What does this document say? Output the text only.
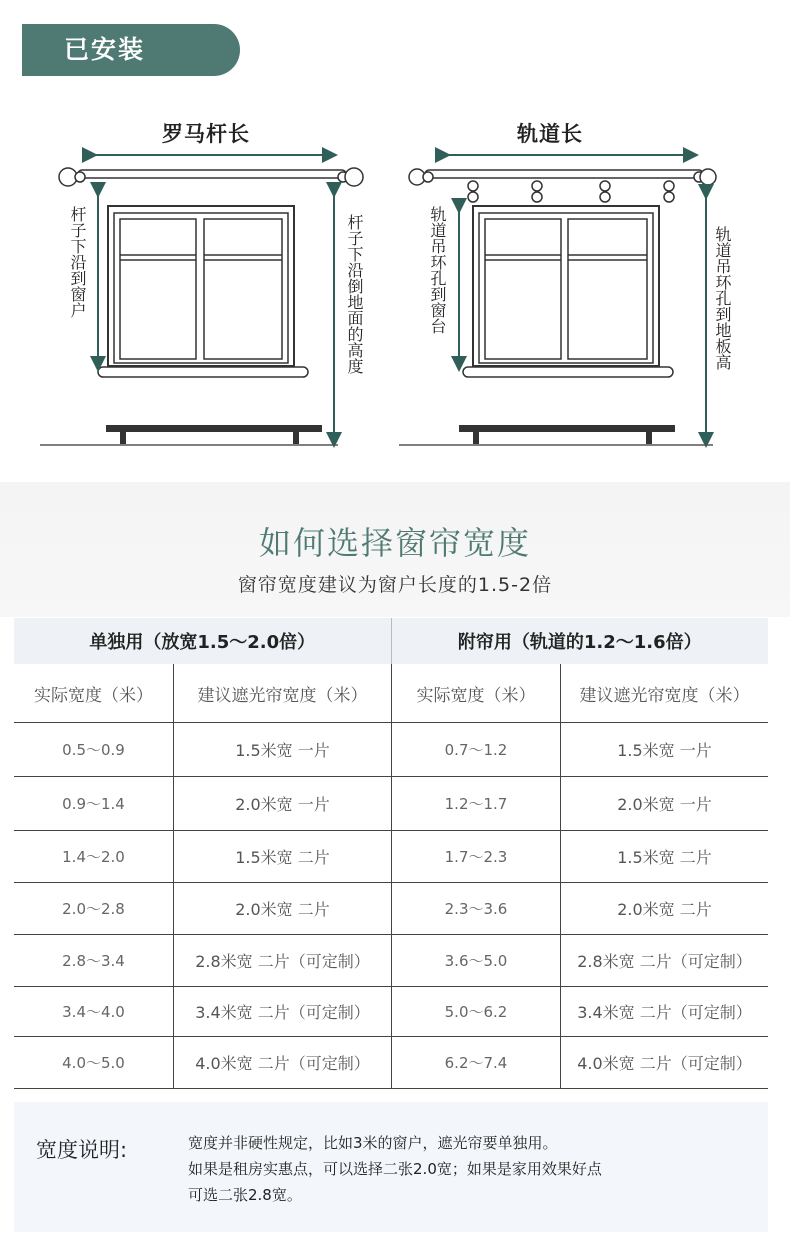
已安装
罗马杆长
杆子下沿到窗户	杆子下沿倒地面的高度
轨道长
轨道吊环孔到窗台	轨道吊环孔到地板高
如何选择窗帘宽度
窗帘宽度建议为窗户长度的1.5-2倍
单独用（放宽1.5～2.0倍）	附帘用（轨道的1.2～1.6倍）
实际宽度（米）	建议遮光帘宽度（米）	实际宽度（米）	建议遮光帘宽度（米）
0.5～0.9	1.5米宽 一片	0.7～1.2	1.5米宽 一片
0.9～1.4	2.0米宽 一片	1.2～1.7	2.0米宽 一片
1.4～2.0	1.5米宽 二片	1.7～2.3	1.5米宽 二片
2.0～2.8	2.0米宽 二片	2.3～3.6	2.0米宽 二片
2.8～3.4	2.8米宽 二片（可定制）	3.6～5.0	2.8米宽 二片（可定制）
3.4～4.0	3.4米宽 二片（可定制）	5.0～6.2	3.4米宽 二片（可定制）
4.0～5.0	4.0米宽 二片（可定制）	6.2～7.4	4.0米宽 二片（可定制）
宽度说明:	宽度并非硬性规定，比如3米的窗户，遮光帘要单独用。
如果是租房实惠点，可以选择二张2.0宽；如果是家用效果好点
可选二张2.8宽。
